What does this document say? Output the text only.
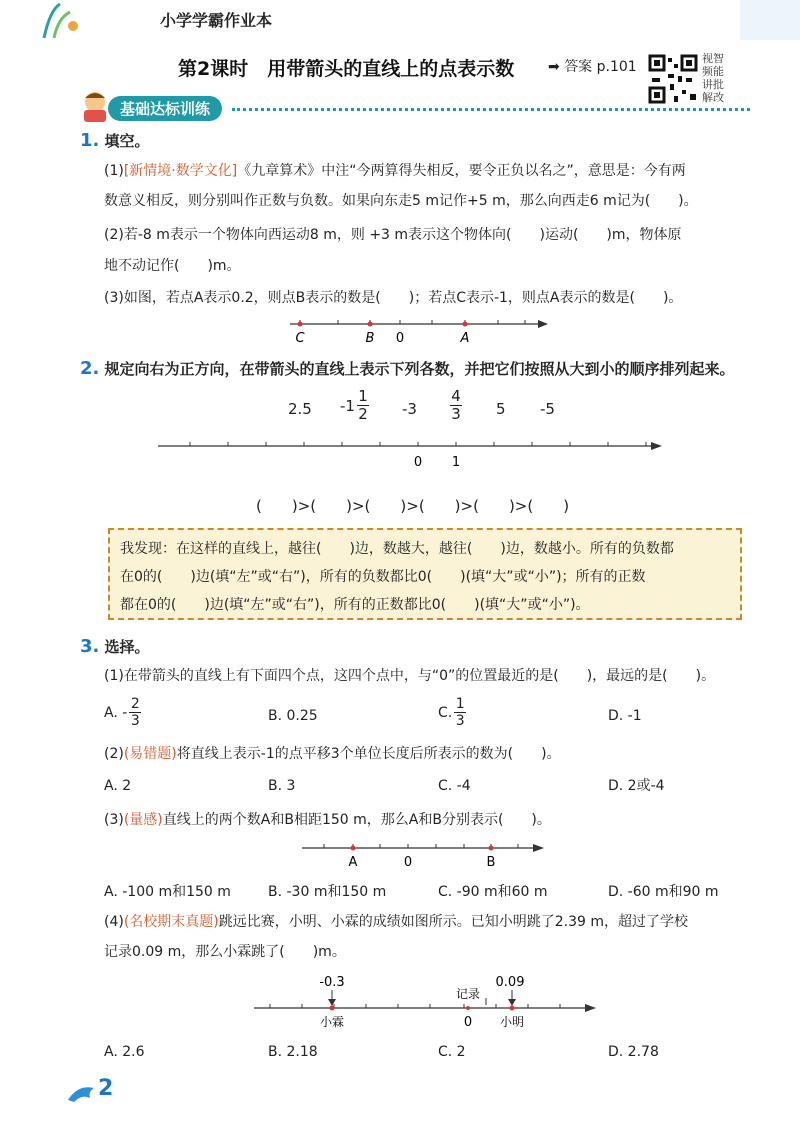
小学学霸作业本
第2课时　用带箭头的直线上的点表示数 ➡ 答案 p.101
视智
频能
讲批
解改
基础达标训练
1. 填空。
(1)[新情境·数学文化]《九章算术》中注“今两算得失相反，要令正负以名之”，意思是：今有两
数意义相反，则分别叫作正数与负数。如果向东走5 m记作+5 m，那么向西走6 m记为(　　)。
(2)若-8 m表示一个物体向西运动8 m，则 +3 m表示这个物体向(　　)运动(　　)m，物体原
地不动记作(　　)m。
(3)如图，若点A表示0.2，则点B表示的数是(　　)；若点C表示-1，则点A表示的数是(　　)。
C	B 0	A
2. 规定向右为正方向，在带箭头的直线上表示下列各数，并把它们按照从大到小的顺序排列起来。
2.5 -1
1
2 -3
4
3 5 -5
0 1
(　　)>(　　)>(　　)>(　　)>(　　)>(　　)
我发现：在这样的直线上，越往(　　)边，数越大，越往(　　)边，数越小。所有的负数都
在0的(　　)边(填“左”或“右”)，所有的负数都比0(　　)(填“大”或“小”)；所有的正数
都在0的(　　)边(填“左”或“右”)，所有的正数都比0(　　)(填“大”或“小”)。
3. 选择。
(1)在带箭头的直线上有下面四个点，这四个点中，与“0”的位置最近的是(　　)，最远的是(　　)。
A. -
2
3	B. 0.25	C.
1
3	D. -1
(2)(易错题)将直线上表示-1的点平移3个单位长度后所表示的数为(　　)。
A. 2	B. 3	C. -4	D. 2或-4
(3)(量感)直线上的两个数A和B相距150 m，那么A和B分别表示(　　)。
A	0	B
A. -100 m和150 m	B. -30 m和150 m	C. -90 m和60 m	D. -60 m和90 m
(4)(名校期末真题)跳远比赛，小明、小霖的成绩如图所示。已知小明跳了2.39 m，超过了学校
记录0.09 m，那么小霖跳了(　　)m。
-0.3	0.09
记录
小霖	0 小明
A. 2.6	B. 2.18	C. 2	D. 2.78
2
